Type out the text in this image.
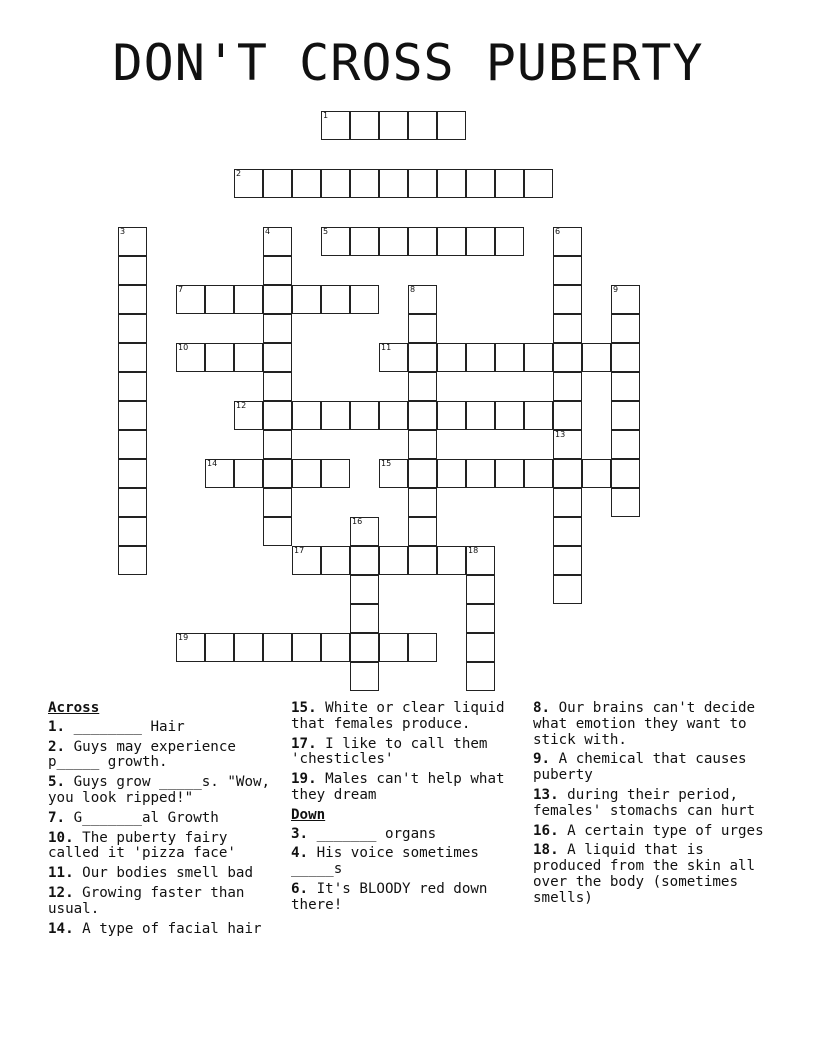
DON'T CROSS PUBERTY
1
2
3	4	5	6
7	8	9
10	11
12
13
14	15
16
17	18
19
Across
1. ________ Hair
2. Guys may experience p_____ growth.
5. Guys grow _____s. "Wow, you look ripped!"
7. G_______al Growth
10. The puberty fairy called it 'pizza face'
11. Our bodies smell bad
12. Growing faster than usual.
14. A type of facial hair
15. White or clear liquid that females produce.
17. I like to call them 'chesticles'
19. Males can't help what they dream
Down
3. _______ organs
4. His voice sometimes _____s
6. It's BLOODY red down there!
8. Our brains can't decide what emotion they want to stick with.
9. A chemical that causes puberty
13. during their period, females' stomachs can hurt
16. A certain type of urges
18. A liquid that is produced from the skin all over the body (sometimes smells)
